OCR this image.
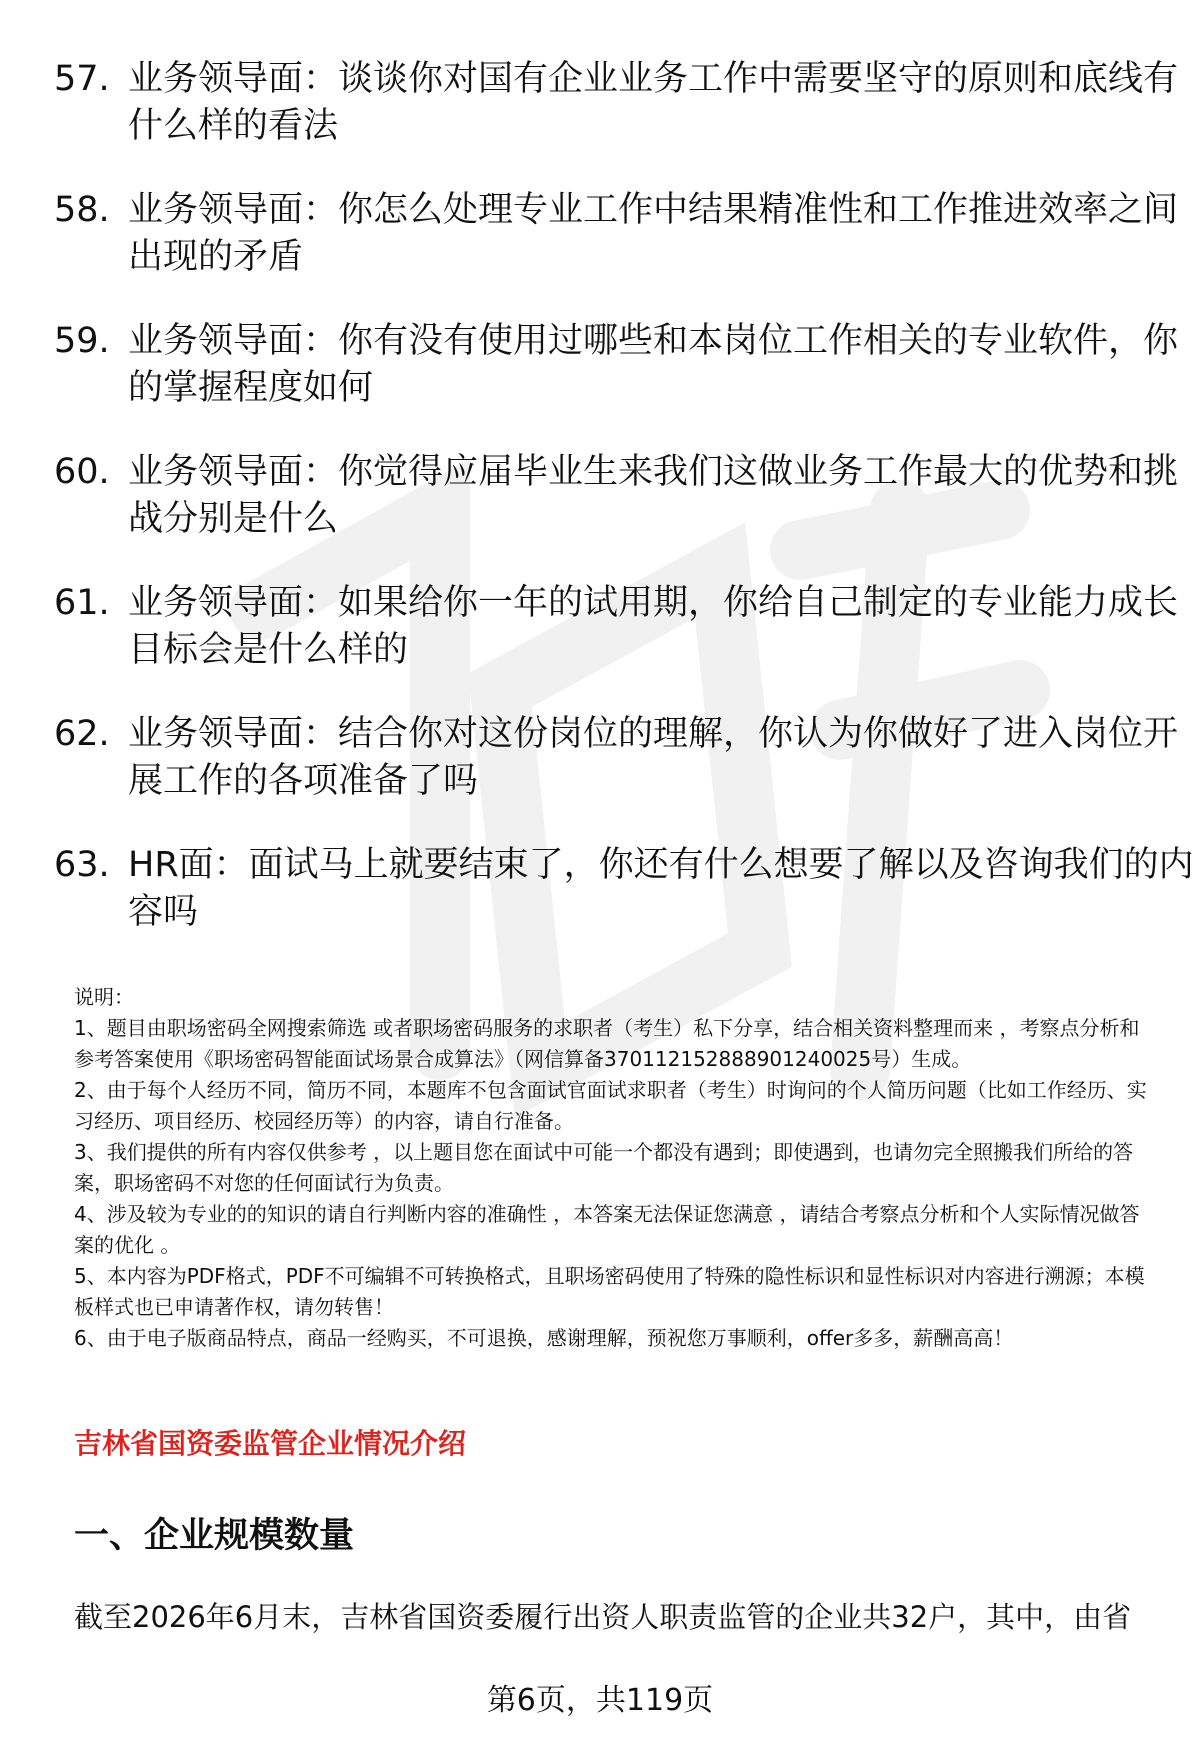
57. 业务领导面：谈谈你对国有企业业务工作中需要坚守的原则和底线有什么样的看法
58. 业务领导面：你怎么处理专业工作中结果精准性和工作推进效率之间出现的矛盾
59. 业务领导面：你有没有使用过哪些和本岗位工作相关的专业软件，你的掌握程度如何
60. 业务领导面：你觉得应届毕业生来我们这做业务工作最大的优势和挑战分别是什么
61. 业务领导面：如果给你一年的试用期，你给自己制定的专业能力成长目标会是什么样的
62. 业务领导面：结合你对这份岗位的理解，你认为你做好了进入岗位开展工作的各项准备了吗
63. HR面：面试马上就要结束了，你还有什么想要了解以及咨询我们的内容吗

说明：

1、题目由职场密码全网搜索筛选 或者职场密码服务的求职者（考生）私下分享，结合相关资料整理而来 ，考察点分析和参考答案使用《职场密码智能面试场景合成算法》（网信算备370112152888901240025号）生成。

2、由于每个人经历不同，简历不同，本题库不包含面试官面试求职者（考生）时询问的个人简历问题（比如工作经历、实习经历、项目经历、校园经历等）的内容，请自行准备。

3、我们提供的所有内容仅供参考 ，以上题目您在面试中可能一个都没有遇到；即使遇到，也请勿完全照搬我们所给的答案，职场密码不对您的任何面试行为负责。

4、涉及较为专业的的知识的请自行判断内容的准确性 ，本答案无法保证您满意 ，请结合考察点分析和个人实际情况做答案的优化 。

5、本内容为PDF格式，PDF不可编辑不可转换格式，且职场密码使用了特殊的隐性标识和显性标识对内容进行溯源；本模板样式也已申请著作权，请勿转售！

6、由于电子版商品特点，商品一经购买，不可退换，感谢理解，预祝您万事顺利，offer多多，薪酬高高！

吉林省国资委监管企业情况介绍
一、企业规模数量
截至2026年6月末，吉林省国资委履行出资人职责监管的企业共32户，其中，由省
第6页，共119页
